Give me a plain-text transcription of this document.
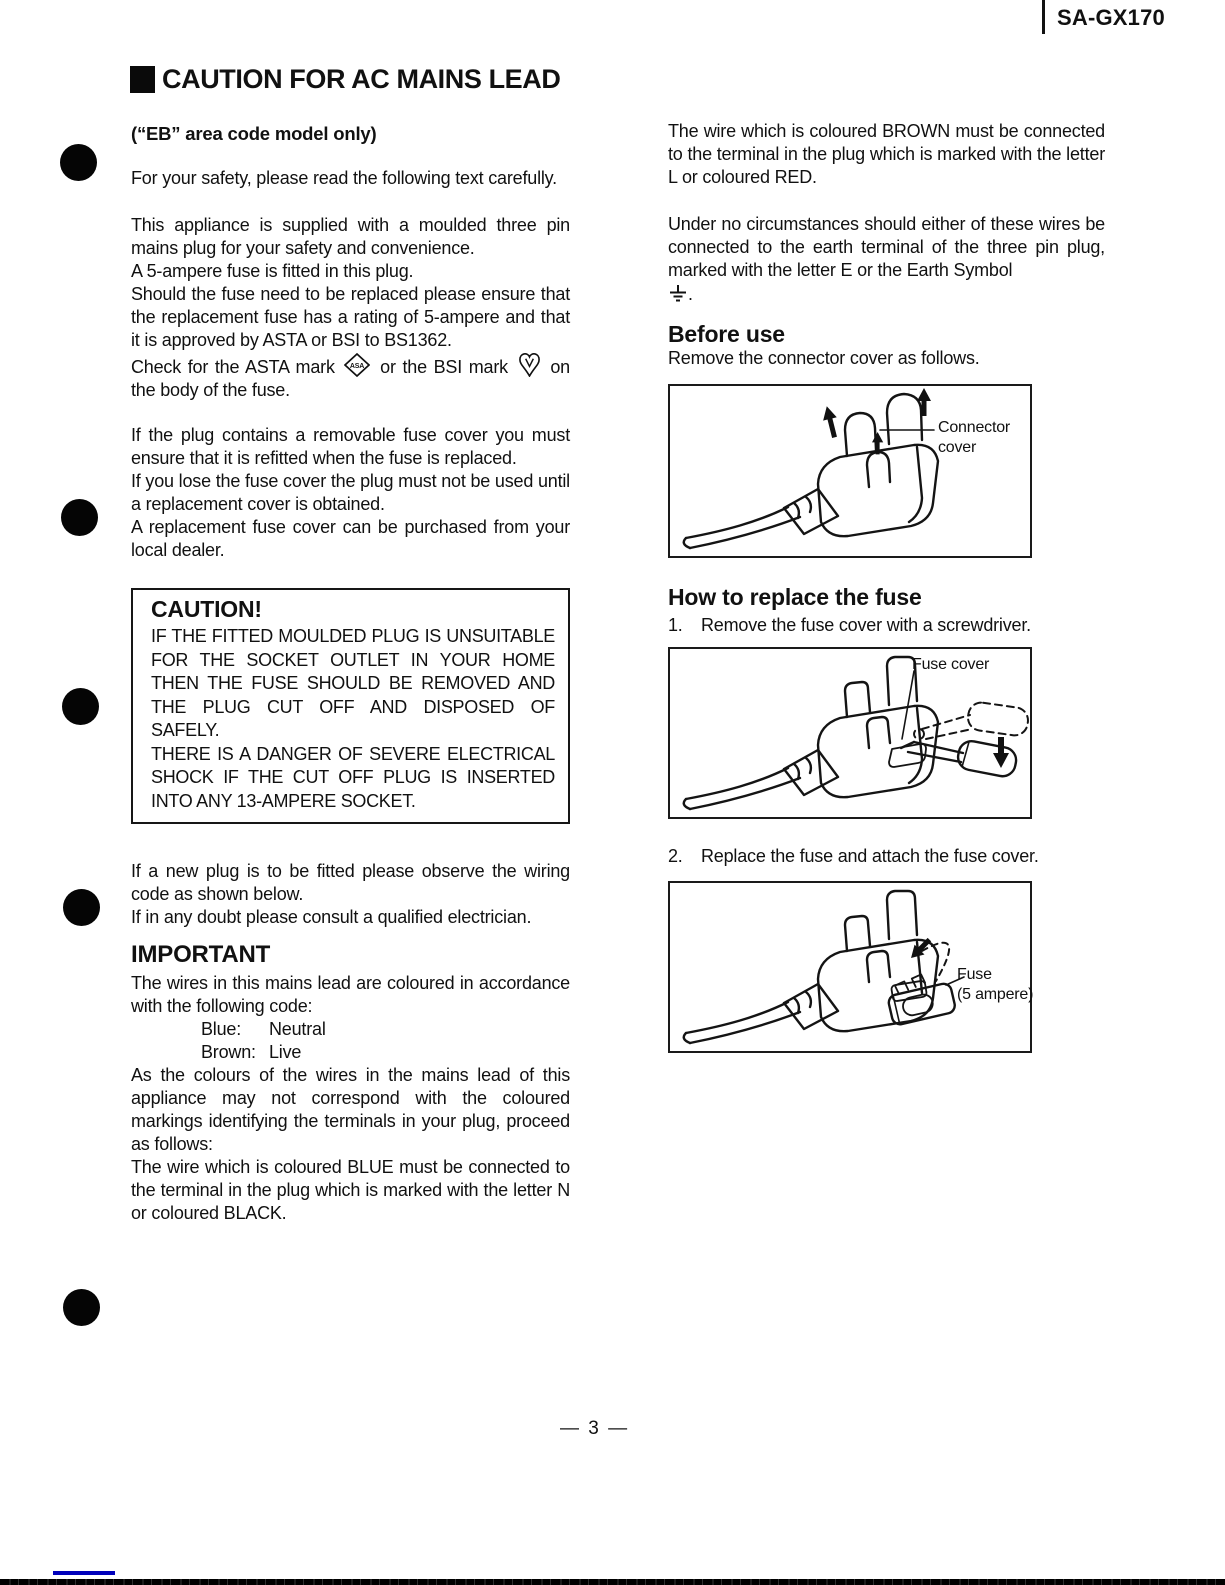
SA-GX170
CAUTION FOR AC MAINS LEAD
(“EB” area code model only)
For your safety, please read the following text carefully.
This appliance is supplied with a moulded three pin mains plug for your safety and convenience.
A 5-ampere fuse is fitted in this plug.
Should the fuse need to be replaced please ensure that the replacement fuse has a rating of 5-ampere and that it is approved by ASTA or BSI to BS1362.
Check for the ASTA mark ASA or the BSI mark on the body of the fuse.
If the plug contains a removable fuse cover you must ensure that it is refitted when the fuse is replaced.
If you lose the fuse cover the plug must not be used until a replacement cover is obtained.
A replacement fuse cover can be purchased from your local dealer.
CAUTION!
IF THE FITTED MOULDED PLUG IS UNSUITABLE FOR THE SOCKET OUTLET IN YOUR HOME THEN THE FUSE SHOULD BE REMOVED AND THE PLUG CUT OFF AND DISPOSED OF SAFELY.
THERE IS A DANGER OF SEVERE ELECTRICAL SHOCK IF THE CUT OFF PLUG IS INSERTED INTO ANY 13-AMPERE SOCKET.
If a new plug is to be fitted please observe the wiring code as shown below.
If in any doubt please consult a qualified electrician.
IMPORTANT
The wires in this mains lead are coloured in accordance with the following code:
Blue:	Neutral
Brown: Live
As the colours of the wires in the mains lead of this appliance may not correspond with the coloured markings identifying the terminals in your plug, proceed as follows:
The wire which is coloured BLUE must be connected to the terminal in the plug which is marked with the letter N or coloured BLACK.
The wire which is coloured BROWN must be connected to the terminal in the plug which is marked with the letter L or coloured RED.
Under no circumstances should either of these wires be connected to the earth terminal of the three pin plug, marked with the letter E or the Earth Symbol
.
Before use
Remove the connector cover as follows.
Connector
cover
How to replace the fuse
1.	Remove the fuse cover with a screwdriver.
Fuse cover
2.	Replace the fuse and attach the fuse cover.
Fuse
(5 ampere)
— 3 —
